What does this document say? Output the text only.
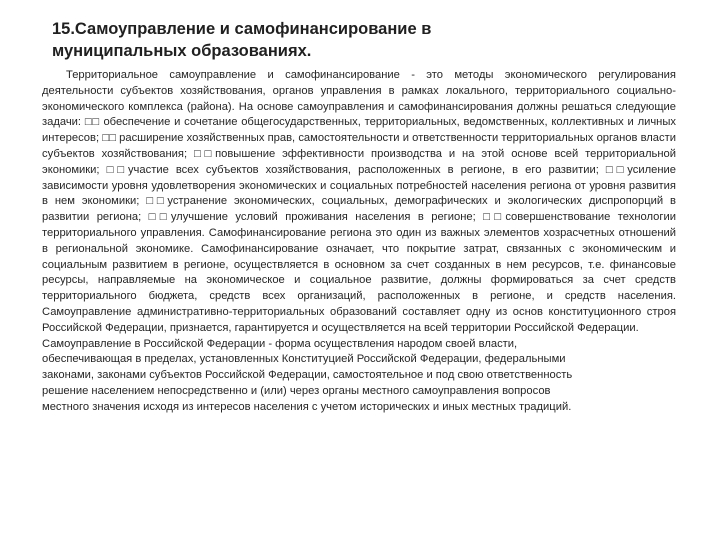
15.Самоуправление и самофинансирование в
муниципальных образованиях.

Территориальное самоуправление и самофинансирование - это методы экономического регулирования деятельности субъектов хозяйствования, органов управления в рамках локального, территориального социально-экономического комплекса (района). На основе самоуправления и самофинансирования должны решаться следующие задачи: □□ обеспечение и сочетание общегосударственных, территориальных, ведомственных, коллективных и личных интересов; □□ расширение хозяйственных прав, самостоятельности и ответственности территориальных органов власти субъектов хозяйствования; □□повышение эффективности производства и на этой основе всей территориальной экономики; □□участие всех субъектов хозяйствования, расположенных в регионе, в его развитии; □□усиление зависимости уровня удовлетворения экономических и социальных потребностей населения региона от уровня развития в нем экономики; □□устранение экономических, социальных, демографических и экологических диспропорций в развитии региона; □□улучшение условий проживания населения в регионе; □□совершенствование технологии территориального управления. Самофинансирование региона это один из важных элементов хозрасчетных отношений в региональной экономике. Самофинансирование означает, что покрытие затрат, связанных с экономическим и социальным развитием в регионе, осуществляется в основном за счет созданных в нем ресурсов, т.е. финансовые ресурсы, направляемые на экономическое и социальное развитие, должны формироваться за счет средств территориального бюджета, средств всех организаций, расположенных в регионе, и средств населения. Самоуправление административно-территориальных образований составляет одну из основ конституционного строя Российской Федерации, признается, гарантируется и осуществляется на всей территории Российской Федерации.

Самоуправление в Российской Федерации - форма осуществления народом своей власти,
обеспечивающая в пределах, установленных Конституцией Российской Федерации, федеральными
законами, законами субъектов Российской Федерации, самостоятельное и под свою ответственность
решение населением непосредственно и (или) через органы местного самоуправления вопросов
местного значения исходя из интересов населения с учетом исторических и иных местных традиций.
